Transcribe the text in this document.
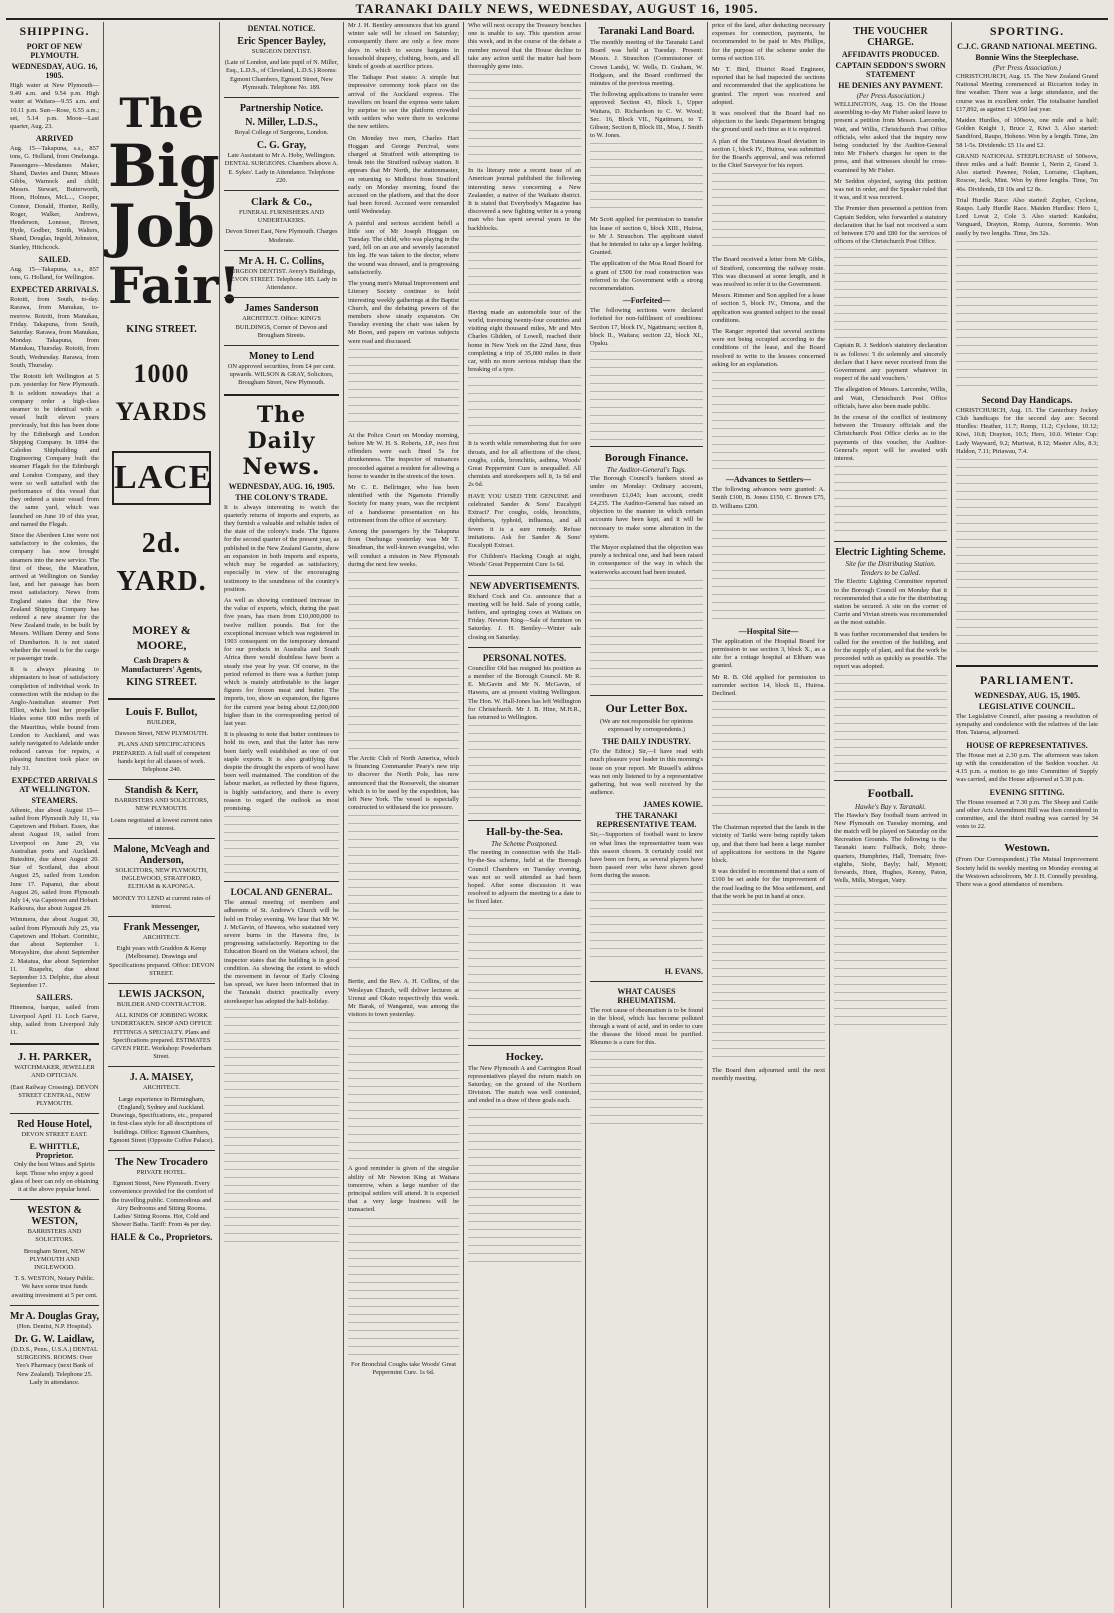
TARANAKI DAILY NEWS, WEDNESDAY, AUGUST 16, 1905.
SHIPPING.
PORT OF NEW PLYMOUTH.
WEDNESDAY, AUG. 16, 1905.

High water at New Plymouth—9.49 a.m. and 9.54 p.m. High water at Waitara—9.55 a.m. and 10.11 p.m. Sun—Rose, 6.55 a.m.; set, 5.14 p.m. Moon—Last quarter, Aug. 23.

ARRIVED

Aug. 15—Takapuna, s.s., 857 tons, G. Holland, from Onehunga. Passengers—Mesdames Maker, Shand, Davies and Dunn; Misses Gibbs, Warnock and child; Messrs. Stewart, Butterworth, Hoon, Holmes, McL..., Cooper, Connor, Donald, Hunter, Reilly, Roger, Walker, Andrews, Henderson, Lonesse, Brown, Hyde, Godber, Smith, Walters, Shand, Douglas, Ingold, Johnston, Stanley, Hitchcock.

SAILED.

Aug. 15—Takapuna, s.s., 857 tons, G. Holland, for Wellington.

EXPECTED ARRIVALS.

Rotoiti, from South, to-day. Rarawa, from Manukau, to-morrow. Rotoiti, from Manukau, Friday. Takapuna, from South, Saturday. Rarawa, from Manukau, Monday. Takapuna, from Manukau, Thursday. Rotoiti, from South, Wednesday. Rarawa, from South, Thursday.

The Rotoiti left Wellington at 5 p.m. yesterday for New Plymouth. It is seldom nowadays that a company order a high-class steamer to be identical with a vessel built eleven years previously, but this has been done by the Edinburgh and London Shipping Company. In 1894 the Caledon Shipbuilding and Engineering Company built the steamer Flagah for the Edinburgh and London Company, and they were so well satisfied with the performance of this vessel that they ordered a sister vessel from the same yard, which was launched on June 19 of this year, and named the Flegah.

Since the Aberdeen Line were not satisfactory to the colonies, the company has now brought steamers into the new service. The first of these, the Marathon, arrived at Wellington on Sunday last, and her passage has been most satisfactory. News from England states that the New Zealand Shipping Company has ordered a new steamer for the New Zealand trade, to be built by Messrs. William Denny and Sons of Dumbarton. It is not stated whether the vessel is for the cargo or passenger trade.

It is always pleasing to shipmasters to hear of satisfactory completion of individual work. In connection with the mishap to the Anglo-Australian steamer Port Elliot, which lost her propeller blades some 600 miles north of the Mauritius, while bound from London to Auckland, and was safely navigated to Adelaide under reduced canvas for repairs, a pleasing function took place on July 31.

EXPECTED ARRIVALS AT WELLINGTON.
STEAMERS.

Athenic, due about August 15—sailed from Plymouth July 11, via Capetown and Hobart. Essex, due about August 19, sailed from Liverpool on June 29, via Australian ports and Auckland. Buteshire, due about August 20. Star of Scotland, due about August 25, sailed from London June 17. Papanui, due about August 26, sailed from Plymouth July 14, via Capetown and Hobart. Kaikoura, due about August 29.

Wimmera, due about August 30, sailed from Plymouth July 25, via Capetown and Hobart. Corinthic, due about September 1. Morayshire, due about September 2. Matatua, due about September 11. Ruapehu, due about September 13. Delphic, due about September 17.

SAILERS.

Hinemoa, barque, sailed from Liverpool April 11. Loch Garve, ship, sailed from Liverpool July 11.

J. H. PARKER,

WATCHMAKER, JEWELLER AND OPTICIAN.

(East Railway Crossing). DEVON STREET CENTRAL, NEW PLYMOUTH.

Red House Hotel,

DEVON STREET EAST.

E. WHITTLE, Proprietor.

Only the best Wines and Spirits kept. Those who enjoy a good glass of beer can rely on obtaining it at the above popular hotel.

WESTON & WESTON,

BARRISTERS AND SOLICITORS.

Brougham Street, NEW PLYMOUTH AND INGLEWOOD.

T. S. WESTON, Notary Public. We have some trust funds awaiting investment at 5 per cent.

Mr A. Douglas Gray,

(Hon. Dentist, N.P. Hospital).

Dr. G. W. Laidlaw,

(D.D.S., Penn., U.S.A.) DENTAL SURGEONS. ROOMS: Over Yeo's Pharmacy (next Bank of New Zealand). Telephone 25. Lady in attendance.

The
Big
Job
Fair!
KING STREET.
1000 YARDS
LACE
2d. YARD.
MOREY & MOORE,
Cash Drapers & Manufacturers' Agents,
KING STREET.
Louis F. Bullot,

BUILDER,

Dawson Street, NEW PLYMOUTH.

PLANS AND SPECIFICATIONS PREPARED. A full staff of competent hands kept for all classes of work. Telephone 240.

Standish & Kerr,

BARRISTERS AND SOLICITORS, NEW PLYMOUTH.

Loans negotiated at lowest current rates of interest.

Malone, McVeagh and Anderson,

SOLICITORS, NEW PLYMOUTH, INGLEWOOD, STRATFORD, ELTHAM & KAPONGA.

MONEY TO LEND at current rates of interest.

Frank Messenger,

ARCHITECT.

Eight years with Graddon & Kemp (Melbourne). Drawings and Specifications prepared. Office: DEVON STREET.

LEWIS JACKSON,

BUILDER AND CONTRACTOR.

ALL KINDS OF JOBBING WORK UNDERTAKEN. SHOP AND OFFICE FITTINGS A SPECIALTY. Plans and Specifications prepared. ESTIMATES GIVEN FREE. Workshop: Powderham Street.

J. A. MAISEY,

ARCHITECT.

Large experience in Birmingham, (England), Sydney and Auckland. Drawings, Specifications, etc., prepared in first-class style for all descriptions of buildings. Office: Egmont Chambers, Egmont Street (Opposite Coffee Palace).

The New Trocadero

PRIVATE HOTEL.

Egmont Street, New Plymouth. Every convenience provided for the comfort of the travelling public. Commodious and Airy Bedrooms and Sitting Rooms. Ladies' Sitting Rooms. Hot, Cold and Shower Baths. Tariff: From 4s per day.

HALE & Co., Proprietors.
DENTAL NOTICE.
Eric Spencer Bayley,

SURGEON DENTIST.

(Late of London, and late pupil of N. Miller, Esq., L.D.S., of Cleveland, L.D.S.) Rooms: Egmont Chambers, Egmont Street, New Plymouth. Telephone No. 189.

Partnership Notice.
N. Miller, L.D.S.,

Royal College of Surgeons, London.

C. G. Gray,

Late Assistant to Mr A. Hoby, Wellington. DENTAL SURGEONS. Chambers above A. E. Sykes'. Lady in Attendance. Telephone 220.

Clark & Co.,

FUNERAL FURNISHERS AND UNDERTAKERS.

Devon Street East, New Plymouth. Charges Moderate.

Mr A. H. C. Collins,

SURGEON DENTIST. Avery's Buildings, DEVON STREET. Telephone 185. Lady in Attendance.

James Sanderson

ARCHITECT. Office: KING'S BUILDINGS, Corner of Devon and Brougham Streets.

Money to Lend

ON approved securities, from £4 per cent. upwards. WILSON & GRAY, Solicitors, Brougham Street, New Plymouth.

The Daily News.
WEDNESDAY, AUG. 16, 1905.
THE COLONY'S TRADE.

It is always interesting to watch the quarterly returns of imports and exports, as they furnish a valuable and reliable index of the state of the colony's trade. The figures for the second quarter of the present year, as published in the New Zealand Gazette, show an expansion in both imports and exports, which may be regarded as satisfactory, especially in view of the encouraging testimony to the soundness of the country's position.

As well as showing continued increase in the value of exports, which, during the past five years, has risen from £10,000,000 to twelve million pounds. But for the exceptional increase which was registered in 1903 consequent on the temporary demand for our products in Australia and South Africa there would doubtless have been a steady rise year by year. Of course, in the period referred to there was a further jump which is mainly attributable to the larger figures for frozen meat and butter. The imports, too, show an expansion, the figures for the current year being about £2,000,000 higher than in the corresponding period of last year.

It is pleasing to note that butter continues to hold its own, and that the latter has now been fairly well established as one of our staple exports. It is also gratifying that despite the drought the exports of wool have been well maintained. The condition of the labour market, as reflected by these figures, is highly satisfactory, and there is every reason to regard the outlook as most promising.

LOCAL AND GENERAL.

The annual meeting of members and adherents of St. Andrew's Church will be held on Friday evening. We hear that Mr W. J. McGavin, of Hawera, who sustained very severe burns in the Hawera fire, is progressing satisfactorily. Reporting to the Education Board on the Waitara school, the inspector states that the building is in good condition. As showing the extent to which the movement in favour of Early Closing has spread, we have been informed that in the Taranaki district practically every storekeeper has adopted the half-holiday.

Mr J. H. Bentley announces that his grand winter sale will be closed on Saturday; consequently there are only a few more days in which to secure bargains in household drapery, clothing, boots, and all kinds of goods at sacrifice prices.

The Taihape Post states: A simple but impressive ceremony took place on the arrival of the Auckland express. The travellers on board the express were taken by surprise to see the platform crowded with settlers who were there to welcome the new settlers.

On Monday two men, Charles Hart Hoggan and George Percival, were charged at Stratford with attempting to break into the Stratford railway station. It appears that Mr North, the stationmaster, on returning to Midhirst from Stratford early on Monday morning, found the accused on the platform, and that the door had been forced. Accused were remanded until Wednesday.

A painful and serious accident befell a little son of Mr Joseph Hoggan on Tuesday. The child, who was playing in the yard, fell on an axe and severely lacerated his leg. He was taken to the doctor, where the wound was dressed, and is progressing satisfactorily.

The young men's Mutual Improvement and Literary Society continue to hold interesting weekly gatherings at the Baptist Church, and the debating powers of the members show steady expansion. On Tuesday evening the chair was taken by Mr Boon, and papers on various subjects were read and discussed.

At the Police Court on Monday morning, before Mr W. H. S. Roberts, J.P., two first offenders were each fined 5s for drunkenness. The inspector of nuisances proceeded against a resident for allowing a horse to wander in the streets of the town.

Mr C. E. Bellringer, who has been identified with the Ngamotu Friendly Society for many years, was the recipient of a handsome presentation on his retirement from the office of secretary.

Among the passengers by the Takapuna from Onehunga yesterday was Mr T. Steadman, the well-known evangelist, who will conduct a mission in New Plymouth during the next few weeks.

The Arctic Club of North America, which is financing Commander Peary's new trip to discover the North Pole, has now announced that the Roosevelt, the steamer which is to be used by the expedition, has left New York. The vessel is especially constructed to withstand the ice pressure.

Bertie, and the Rev. A. H. Collins, of the Wesleyan Church, will deliver lectures at Urenui and Okato respectively this week. Mr Barak, of Wanganui, was among the visitors to town yesterday.

A good reminder is given of the singular ability of Mr Newton King at Waitara tomorrow, when a large number of the principal settlers will attend. It is expected that a very large business will be transacted.

For Bronchial Coughs take Woods' Great Peppermint Cure. 1s 6d.

Who will next occupy the Treasury benches one is unable to say. This question arose this week, and in the course of the debate a member moved that the House decline to take any action until the matter had been thoroughly gone into.

In its literary note a recent issue of an American journal published the following interesting news concerning a New Zealander, a native of the Waikato district. It is stated that Everybody's Magazine has discovered a new fighting writer in a young man who has spent several years in the backblocks.

Having made an automobile tour of the world, traversing twenty-four countries and visiting eight thousand miles, Mr and Mrs Charles Glidden, of Lowell, reached their home in New York on the 22nd June, thus completing a trip of 35,000 miles in their car, with no more serious mishap than the breaking of a tyre.

It is worth while remembering that for sore throats, and for all affections of the chest, coughs, colds, bronchitis, asthma, Woods' Great Peppermint Cure is unequalled. All chemists and storekeepers sell it, 1s 6d and 2s 6d.

HAVE YOU USED THE GENUINE and celebrated Sander & Sons' Eucalypti Extract? For coughs, colds, bronchitis, diphtheria, typhoid, influenza, and all fevers it is a sure remedy. Refuse imitations. Ask for Sander & Sons' Eucalypti Extract.

For Children's Hacking Cough at night, Woods' Great Peppermint Cure 1s 6d.

NEW ADVERTISEMENTS.

Richard Cock and Co. announce that a meeting will be held. Sale of young cattle, heifers, and springing cows at Waitara on Friday. Newton King—Sale of furniture on Saturday. J. H. Bentley—Winter sale closing on Saturday.

PERSONAL NOTES.

Councillor Old has resigned his position as a member of the Borough Council. Mr R. E. McGavin and Mr N. McGavin, of Hawera, are at present visiting Wellington. The Hon. W. Hall-Jones has left Wellington for Christchurch. Mr J. B. Hine, M.H.R., has returned to Wellington.

Hall-by-the-Sea.
The Scheme Postponed.

The meeting in connection with the Hall-by-the-Sea scheme, held at the Borough Council Chambers on Tuesday evening, was not so well attended as had been hoped. After some discussion it was resolved to adjourn the meeting to a date to be fixed later.

Hockey.

The New Plymouth A and Carrington Road representatives played the return match on Saturday, on the ground of the Northern Division. The match was well contested, and ended in a draw of three goals each.

Taranaki Land Board.

The monthly meeting of the Taranaki Land Board was held at Tuesday. Present: Messrs. J. Strauchon (Commissioner of Crown Lands), W. Wells, D. Graham, W. Hodgson, and the Board confirmed the minutes of the previous meeting.

The following applications to transfer were approved: Section 43, Block I., Upper Waitara, D. Richardson to C. W. Wood; Sec. 16, Block VII., Ngatimaru, to T. Gibson; Section 8, Block III., Moa, J. Smith to W. Jones.

Mr Scott applied for permission to transfer his lease of section 6, block XIII., Huiroa, to Mr J. Strauchon. The applicant stated that he intended to take up a larger holding. Granted.

The application of the Moa Road Board for a grant of £500 for road construction was referred to the Government with a strong recommendation.

—Forfeited—

The following sections were declared forfeited for non-fulfilment of conditions: Section 17, block IV., Ngatimaru; section 8, block II., Waitara; section 22, block XI., Opaku.

Borough Finance.
The Auditor-General's Tags.

The Borough Council's bankers stood as under on Monday: Ordinary account, overdrawn £1,043; loan account, credit £4,235. The Auditor-General has raised an objection to the manner in which certain accounts have been kept, and it will be necessary to make some alteration in the system.

The Mayor explained that the objection was purely a technical one, and had been raised in consequence of the way in which the waterworks account had been treated.

Our Letter Box.

(We are not responsible for opinions expressed by correspondents.)

THE DAILY INDUSTRY.

(To the Editor.) Sir,—I have read with much pleasure your leader in this morning's issue on your report. Mr Russell's address was not only listened to by a representative gathering, but was well received by the audience.

JAMES KOWIE.
THE TARANAKI REPRESENTATIVE TEAM.

Sir,—Supporters of football want to know on what lines the representative team was this season chosen. It certainly could not have been on form, as several players have been passed over who have shown good form during the season.

H. EVANS.
WHAT CAUSES RHEUMATISM.

The root cause of rheumatism is to be found in the blood, which has become polluted through a want of acid, and in order to cure the disease the blood must be purified. Rheumo is a cure for this.

price of the land, after deducting necessary expenses for connection, payments, be recommended to be paid to Mrs Phillips, for the purpose of the scheme under the terms of section 116.

Mr T. Bird, District Road Engineer, reported that he had inspected the sections and recommended that the applications be granted. The report was received and adopted.

It was resolved that the Board had no objection to the lands Department bringing the ground until such time as it is required.

A plan of the Tututawa Road deviation in section 1, block IV., Huiroa, was submitted for the Board's approval, and was referred to the Chief Surveyor for his report.

The Board received a letter from Mr Gibbs, of Stratford, concerning the railway route. This was discussed at some length, and it was resolved to refer it to the Government.

Messrs. Rimmer and Son applied for a lease of section 5, block IV., Omona, and the application was granted subject to the usual conditions.

The Ranger reported that several sections were not being occupied according to the conditions of the lease, and the Board resolved to write to the lessees concerned asking for an explanation.

—Advances to Settlers—

The following advances were granted: A. Smith £100, B. Jones £150, C. Brown £75, D. Williams £200.

—Hospital Site—

The application of the Hospital Board for permission to use section 3, block X., as a site for a cottage hospital at Eltham was granted.

Mr R. B. Old applied for permission to surrender section 14, block II., Huiroa. Declined.

The Chairman reported that the lands in the vicinity of Tariki were being rapidly taken up, and that there had been a large number of applications for sections in the Ngaire block.

It was decided to recommend that a sum of £100 be set aside for the improvement of the road leading to the Moa settlement, and that the work be put in hand at once.

The Board then adjourned until the next monthly meeting.

THE VOUCHER CHARGE.
AFFIDAVITS PRODUCED.
CAPTAIN SEDDON'S SWORN STATEMENT
HE DENIES ANY PAYMENT.
(Per Press Association.)

WELLINGTON, Aug. 15. On the House assembling to-day Mr Fisher asked leave to present a petition from Messrs. Larcombe, Watt, and Willis, Christchurch Post Office officials, who asked that the inquiry now being conducted by the Auditor-General into Mr Fisher's charges be open to the press, and that witnesses should be cross-examined by Mr Fisher.

Mr Seddon objected, saying this petition was not in order, and the Speaker ruled that it was, and it was received.

The Premier then presented a petition from Captain Seddon, who forwarded a statutory declaration that he had not received a sum of between £70 and £80 for the services of officers of the Christchurch Post Office.

Captain R. J. Seddon's statutory declaration is as follows: 'I do solemnly and sincerely declare that I have never received from the Government any payment whatever in respect of the said vouchers.'

The allegation of Messrs. Larcombe, Willis, and Watt, Christchurch Post Office officials, have also been made public.

In the course of the conflict of testimony between the Treasury officials and the Christchurch Post Office clerks as to the payments of this voucher, the Auditor-General's report will be awaited with interest.

Electric Lighting Scheme.
Site for the Distributing Station.
Tenders to be Called.

The Electric Lighting Committee reported to the Borough Council on Monday that it recommended that a site for the distributing station be secured. A site on the corner of Currie and Vivian streets was recommended as the most suitable.

It was further recommended that tenders be called for the erection of the building, and for the supply of plant, and that the work be proceeded with as quickly as possible. The report was adopted.

Football.
Hawke's Bay v. Taranaki.

The Hawke's Bay football team arrived in New Plymouth on Tuesday morning, and the match will be played on Saturday on the Recreation Grounds. The following is the Taranaki team: Fullback, Bob; three-quarters, Humphries, Hall, Tremain; five-eighths, Stohr, Bayly; half, Mynott; forwards, Hunt, Hughes, Kenny, Paton, Wells, Mills, Morgan, Vatry.

SPORTING.
C.J.C. GRAND NATIONAL MEETING.
Bonnie Wins the Steeplechase.
(Per Press Association.)

CHRISTCHURCH, Aug. 15. The New Zealand Grand National Meeting commenced at Riccarton today in fine weather. There was a large attendance, and the course was in excellent order. The totalisator handled £17,892, as against £14,950 last year.

Maiden Hurdles, of 100sovs, one mile and a half: Golden Knight 1, Bruce 2, Kiwi 3. Also started: Sandiford, Raupo, Hoheno. Won by a length. Time, 2m 58 1-5s. Dividends: £5 11s and £2.

GRAND NATIONAL STEEPLECHASE of 500sovs, three miles and a half: Bonnie 1, Nerin 2, Grand 3. Also started: Pawnee, Nolan, Lorraine, Clapham, Roscoe, Jack, Mint. Won by three lengths. Time, 7m 46s. Dividends, £8 10s and £2 8s.

Trial Hurdle Race: Also started: Zepher, Cyclone, Raupo. Lady Hurdle Race. Maiden Hurdles: Hero 1, Lord Lovat 2, Cole 3. Also started: Kaukahu, Vanguard, Drayton, Romp, Aurora, Sorrento. Won easily by two lengths. Time, 3m 32s.

Second Day Handicaps.

CHRISTCHURCH, Aug. 15. The Canterbury Jockey Club handicaps for the second day are: Second Hurdles: Heather, 11.7; Romp, 11.2; Cyclone, 10.12; Kiwi, 10.8; Drayton, 10.5; Hero, 10.0. Winter Cup: Lady Wayward, 9.2; Muriwai, 8.12; Master Alix, 8.3; Haldon, 7.11; Piriawau, 7.4.

PARLIAMENT.
WEDNESDAY, AUG. 15, 1905.
LEGISLATIVE COUNCIL.

The Legislative Council, after passing a resolution of sympathy and condolence with the relatives of the late Hon. Taiaroa, adjourned.

HOUSE OF REPRESENTATIVES.

The House met at 2.30 p.m. The afternoon was taken up with the consideration of the Seddon voucher. At 4.15 p.m. a motion to go into Committee of Supply was carried, and the House adjourned at 5.30 p.m.

EVENING SITTING.

The House resumed at 7.30 p.m. The Sheep and Cattle and other Acts Amendment Bill was then considered in committee, and the third reading was carried by 34 votes to 22.

Westown.

(From Our Correspondent.) The Mutual Improvement Society held its weekly meeting on Monday evening at the Westown schoolroom, Mr J. H. Connelly presiding. There was a good attendance of members.
